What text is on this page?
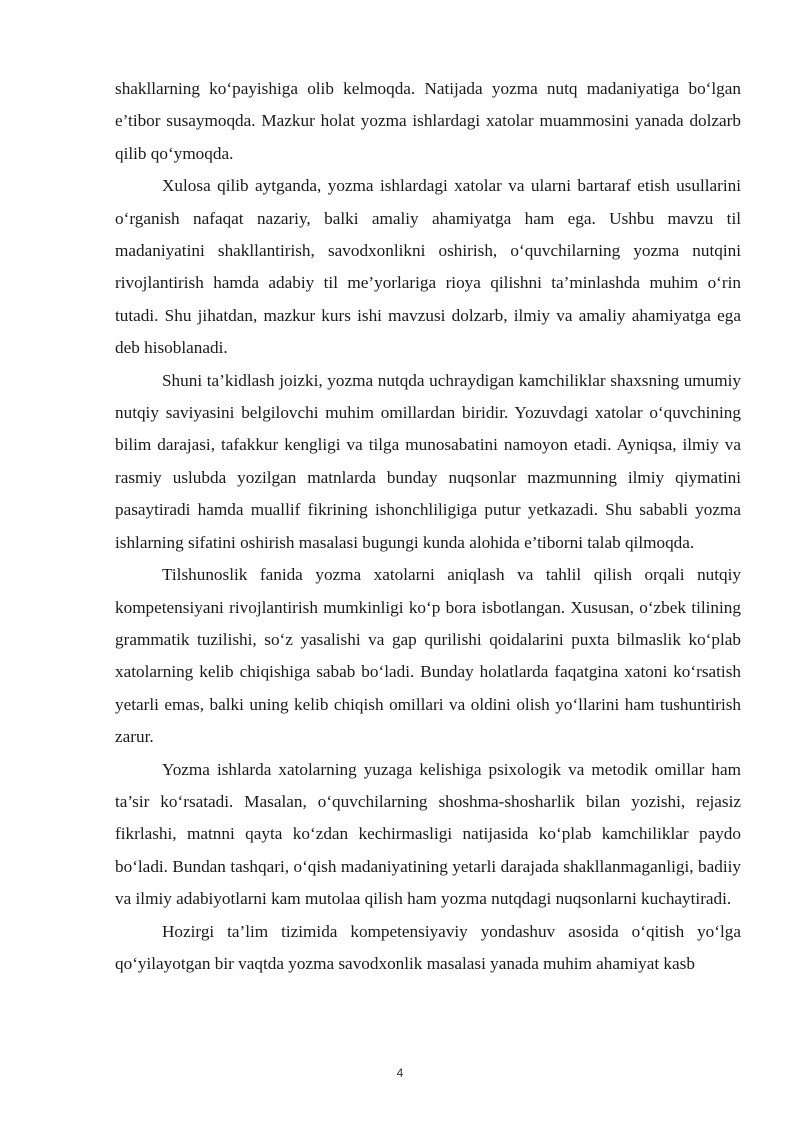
shakllarning ko‘payishiga olib kelmoqda. Natijada yozma nutq madaniyatiga bo‘lgan e’tibor susaymoqda. Mazkur holat yozma ishlardagi xatolar muammosini yanada dolzarb qilib qo‘ymoqda.

Xulosa qilib aytganda, yozma ishlardagi xatolar va ularni bartaraf etish usullarini o‘rganish nafaqat nazariy, balki amaliy ahamiyatga ham ega. Ushbu mavzu til madaniyatini shakllantirish, savodxonlikni oshirish, o‘quvchilarning yozma nutqini rivojlantirish hamda adabiy til me’yorlariga rioya qilishni ta’minlashda muhim o‘rin tutadi. Shu jihatdan, mazkur kurs ishi mavzusi dolzarb, ilmiy va amaliy ahamiyatga ega deb hisoblanadi.

Shuni ta’kidlash joizki, yozma nutqda uchraydigan kamchiliklar shaxsning umumiy nutqiy saviyasini belgilovchi muhim omillardan biridir. Yozuvdagi xatolar o‘quvchining bilim darajasi, tafakkur kengligi va tilga munosabatini namoyon etadi. Ayniqsa, ilmiy va rasmiy uslubda yozilgan matnlarda bunday nuqsonlar mazmunning ilmiy qiymatini pasaytiradi hamda muallif fikrining ishonchliligiga putur yetkazadi. Shu sababli yozma ishlarning sifatini oshirish masalasi bugungi kunda alohida e’tiborni talab qilmoqda.

Tilshunoslik fanida yozma xatolarni aniqlash va tahlil qilish orqali nutqiy kompetensiyani rivojlantirish mumkinligi ko‘p bora isbotlangan. Xususan, o‘zbek tilining grammatik tuzilishi, so‘z yasalishi va gap qurilishi qoidalarini puxta bilmaslik ko‘plab xatolarning kelib chiqishiga sabab bo‘ladi. Bunday holatlarda faqatgina xatoni ko‘rsatish yetarli emas, balki uning kelib chiqish omillari va oldini olish yo‘llarini ham tushuntirish zarur.

Yozma ishlarda xatolarning yuzaga kelishiga psixologik va metodik omillar ham ta’sir ko‘rsatadi. Masalan, o‘quvchilarning shoshma-shosharlik bilan yozishi, rejasiz fikrlashi, matnni qayta ko‘zdan kechirmasligi natijasida ko‘plab kamchiliklar paydo bo‘ladi. Bundan tashqari, o‘qish madaniyatining yetarli darajada shakllanmaganligi, badiiy va ilmiy adabiyotlarni kam mutolaa qilish ham yozma nutqdagi nuqsonlarni kuchaytiradi.

Hozirgi ta’lim tizimida kompetensiyaviy yondashuv asosida o‘qitish yo‘lga qo‘yilayotgan bir vaqtda yozma savodxonlik masalasi yanada muhim ahamiyat kasb

4
